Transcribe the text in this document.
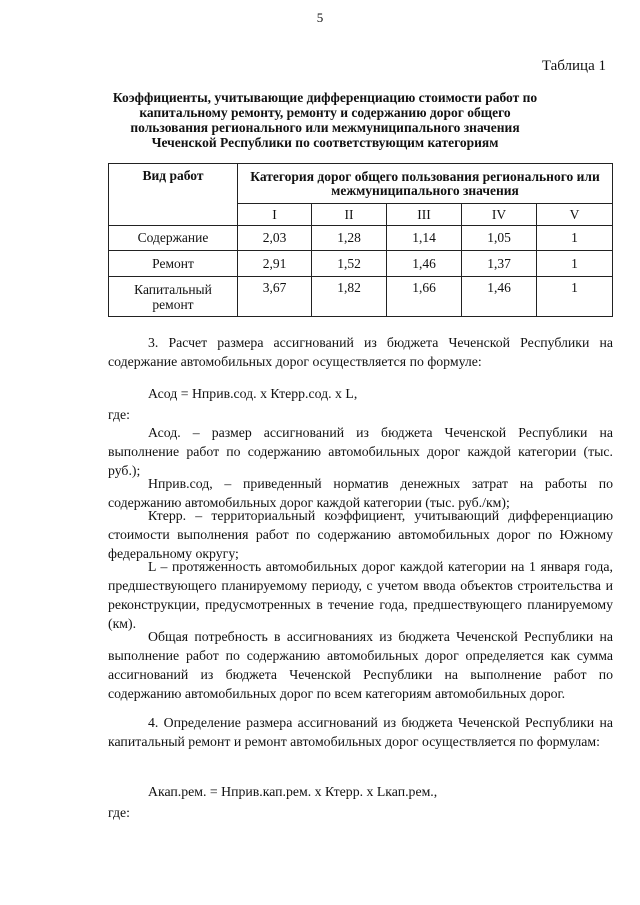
5
Таблица 1
Коэффициенты, учитывающие дифференциацию стоимости работ по
капитальному ремонту, ремонту и содержанию дорог общего
пользования регионального или межмуниципального значения
Чеченской Республики по соответствующим категориям
Вид работ	Категория дорог общего пользования регионального или межмуниципального значения				
	I	II	III	IV	V
Содержание	2,03	1,28	1,14	1,05	1
Ремонт	2,91	1,52	1,46	1,37	1
Капитальный ремонт	3,67	1,82	1,66	1,46	1
3. Расчет размера ассигнований из бюджета Чеченской Республики на содержание автомобильных дорог осуществляется по формуле:
Асод = Нприв.сод. х Ктерр.сод. х L,
где:
Асод. – размер ассигнований из бюджета Чеченской Республики на выполнение работ по содержанию автомобильных дорог каждой категории (тыс. руб.);
Нприв.сод, – приведенный норматив денежных затрат на работы по содержанию автомобильных дорог каждой категории (тыс. руб./км);
Ктерр. – территориальный коэффициент, учитывающий дифференциацию стоимости выполнения работ по содержанию автомобильных дорог по Южному федеральному округу;
L – протяженность автомобильных дорог каждой категории на 1 января года, предшествующего планируемому периоду, с учетом ввода объектов строительства и реконструкции, предусмотренных в течение года, предшествующего планируемому (км).
Общая потребность в ассигнованиях из бюджета Чеченской Республики на выполнение работ по содержанию автомобильных дорог определяется как сумма ассигнований из бюджета Чеченской Республики на выполнение работ по содержанию автомобильных дорог по всем категориям автомобильных дорог.
4. Определение размера ассигнований из бюджета Чеченской Республики на капитальный ремонт и ремонт автомобильных дорог осуществляется по формулам:
Акап.рем. = Нприв.кап.рем. х Ктерр. х Lкап.рем.,
где:
